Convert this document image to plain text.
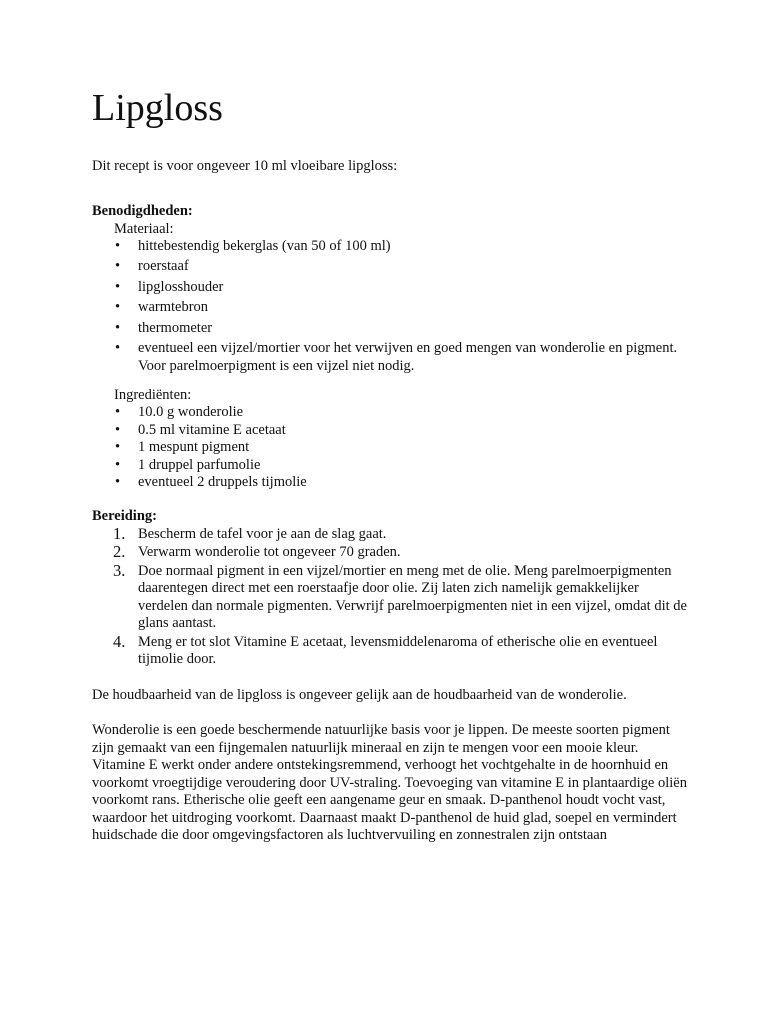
Lipgloss

Dit recept is voor ongeveer 10 ml vloeibare lipgloss:

Benodigdheden:

Materiaal:

• hittebestendig bekerglas (van 50 of 100 ml)
• roerstaaf
• lipglosshouder
• warmtebron
• thermometer
• eventueel een vijzel/mortier voor het verwijven en goed mengen van wonderolie en pigment. Voor parelmoerpigment is een vijzel niet nodig.

Ingrediënten:

• 10.0 g wonderolie
• 0.5 ml vitamine E acetaat
• 1 mespunt pigment
• 1 druppel parfumolie
• eventueel 2 druppels tijmolie

Bereiding:

1. Bescherm de tafel voor je aan de slag gaat.
2. Verwarm wonderolie tot ongeveer 70 graden.
3. Doe normaal pigment in een vijzel/mortier en meng met de olie. Meng parelmoerpigmenten daarentegen direct met een roerstaafje door olie. Zij laten zich namelijk gemakkelijker verdelen dan normale pigmenten. Verwrijf parelmoerpigmenten niet in een vijzel, omdat dit de glans aantast.
4. Meng er tot slot Vitamine E acetaat, levensmiddelenaroma of etherische olie en eventueel tijmolie door.

De houdbaarheid van de lipgloss is ongeveer gelijk aan de houdbaarheid van de wonderolie.

Wonderolie is een goede beschermende natuurlijke basis voor je lippen. De meeste soorten pigment zijn gemaakt van een fijngemalen natuurlijk mineraal en zijn te mengen voor een mooie kleur. Vitamine E werkt onder andere ontstekingsremmend, verhoogt het vochtgehalte in de hoornhuid en voorkomt vroegtijdige veroudering door UV-straling. Toevoeging van vitamine E in plantaardige oliën voorkomt rans. Etherische olie geeft een aangename geur en smaak. D-panthenol houdt vocht vast, waardoor het uitdroging voorkomt. Daarnaast maakt D-panthenol de huid glad, soepel en vermindert huidschade die door omgevingsfactoren als luchtvervuiling en zonnestralen zijn ontstaan
